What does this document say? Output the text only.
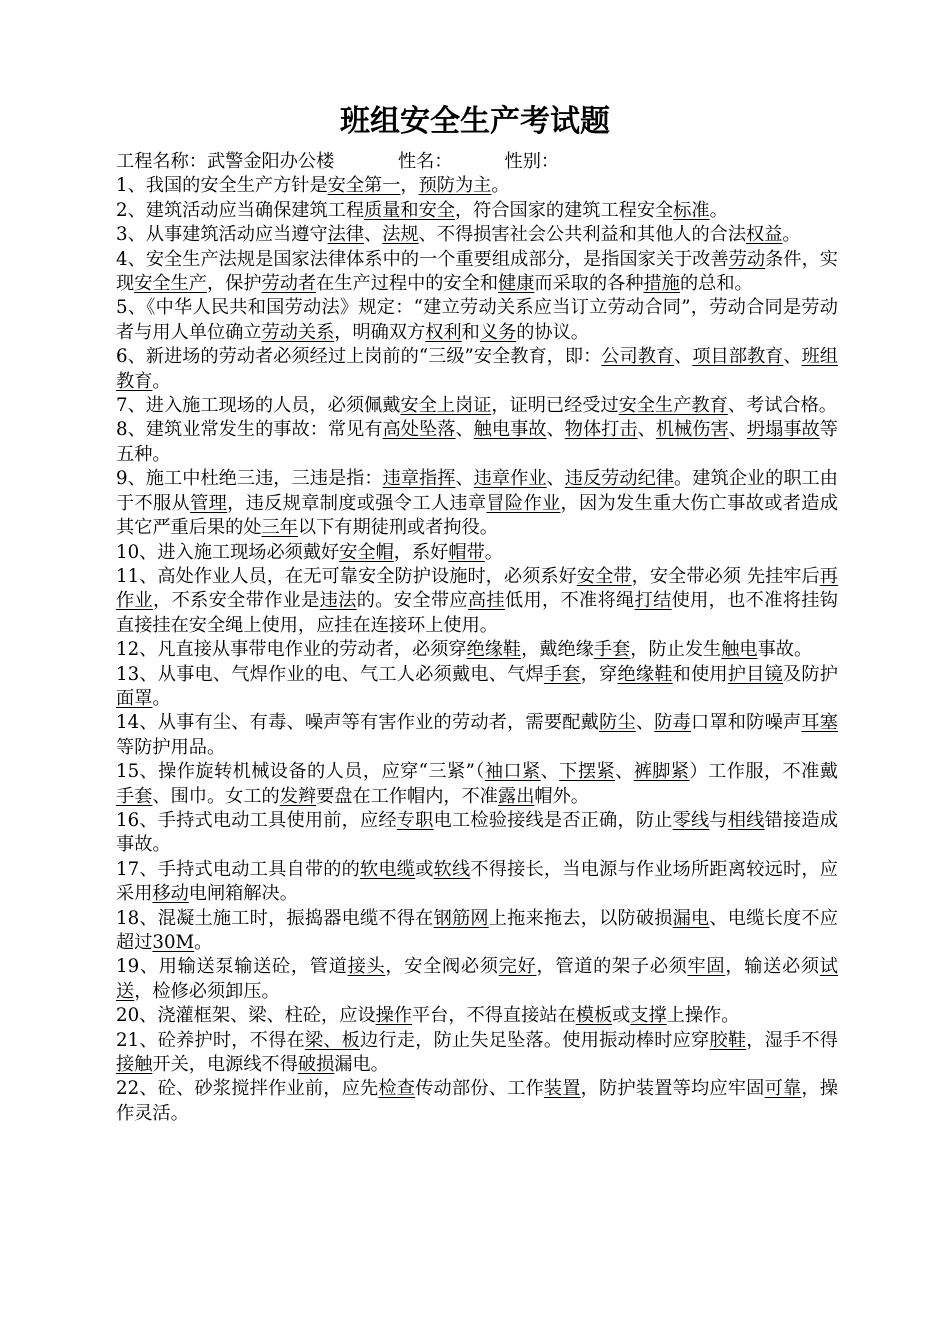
班组安全生产考试题
工程名称：武警金阳办公楼	性名：	性别：

1、我国的安全生产方针是安全第一，预防为主。

2、建筑活动应当确保建筑工程质量和安全，符合国家的建筑工程安全标准。

3、从事建筑活动应当遵守法律、法规、不得损害社会公共利益和其他人的合法权益。

4、安全生产法规是国家法律体系中的一个重要组成部分，是指国家关于改善劳动条件，实现安全生产，保护劳动者在生产过程中的安全和健康而采取的各种措施的总和。

5、《中华人民共和国劳动法》规定：“建立劳动关系应当订立劳动合同”，劳动合同是劳动者与用人单位确立劳动关系，明确双方权利和义务的协议。

6、新进场的劳动者必须经过上岗前的“三级”安全教育，即：公司教育、项目部教育、班组教育。

7、进入施工现场的人员，必须佩戴安全上岗证，证明已经受过安全生产教育、考试合格。

8、建筑业常发生的事故：常见有高处坠落、触电事故、物体打击、机械伤害、坍塌事故等五种。

9、施工中杜绝三违，三违是指：违章指挥、违章作业、违反劳动纪律。建筑企业的职工由于不服从管理，违反规章制度或强令工人违章冒险作业，因为发生重大伤亡事故或者造成其它严重后果的处三年以下有期徒刑或者拘役。

10、进入施工现场必须戴好安全帽，系好帽带。

11、高处作业人员，在无可靠安全防护设施时，必须系好安全带，安全带必须 先挂牢后再作业，不系安全带作业是违法的。安全带应高挂低用，不准将绳打结使用，也不准将挂钩直接挂在安全绳上使用，应挂在连接环上使用。

12、凡直接从事带电作业的劳动者，必须穿绝缘鞋，戴绝缘手套，防止发生触电事故。

13、从事电、气焊作业的电、气工人必须戴电、气焊手套，穿绝缘鞋和使用护目镜及防护面罩。

14、从事有尘、有毒、噪声等有害作业的劳动者，需要配戴防尘、防毒口罩和防噪声耳塞等防护用品。

15、操作旋转机械设备的人员，应穿“三紧”（袖口紧、下摆紧、裤脚紧）工作服，不准戴手套、围巾。女工的发辫要盘在工作帽内，不准露出帽外。

16、手持式电动工具使用前，应经专职电工检验接线是否正确，防止零线与相线错接造成事故。

17、手持式电动工具自带的的软电缆或软线不得接长，当电源与作业场所距离较远时，应采用移动电闸箱解决。

18、混凝土施工时，振捣器电缆不得在钢筋网上拖来拖去，以防破损漏电、电缆长度不应超过30M。

19、用输送泵输送砼，管道接头，安全阀必须完好，管道的架子必须牢固，输送必须试送，检修必须卸压。

20、浇灌框架、梁、柱砼，应设操作平台，不得直接站在模板或支撑上操作。

21、砼养护时，不得在梁、板边行走，防止失足坠落。使用振动棒时应穿胶鞋，湿手不得接触开关，电源线不得破损漏电。

22、砼、砂浆搅拌作业前，应先检查传动部份、工作装置，防护装置等均应牢固可靠，操作灵活。
